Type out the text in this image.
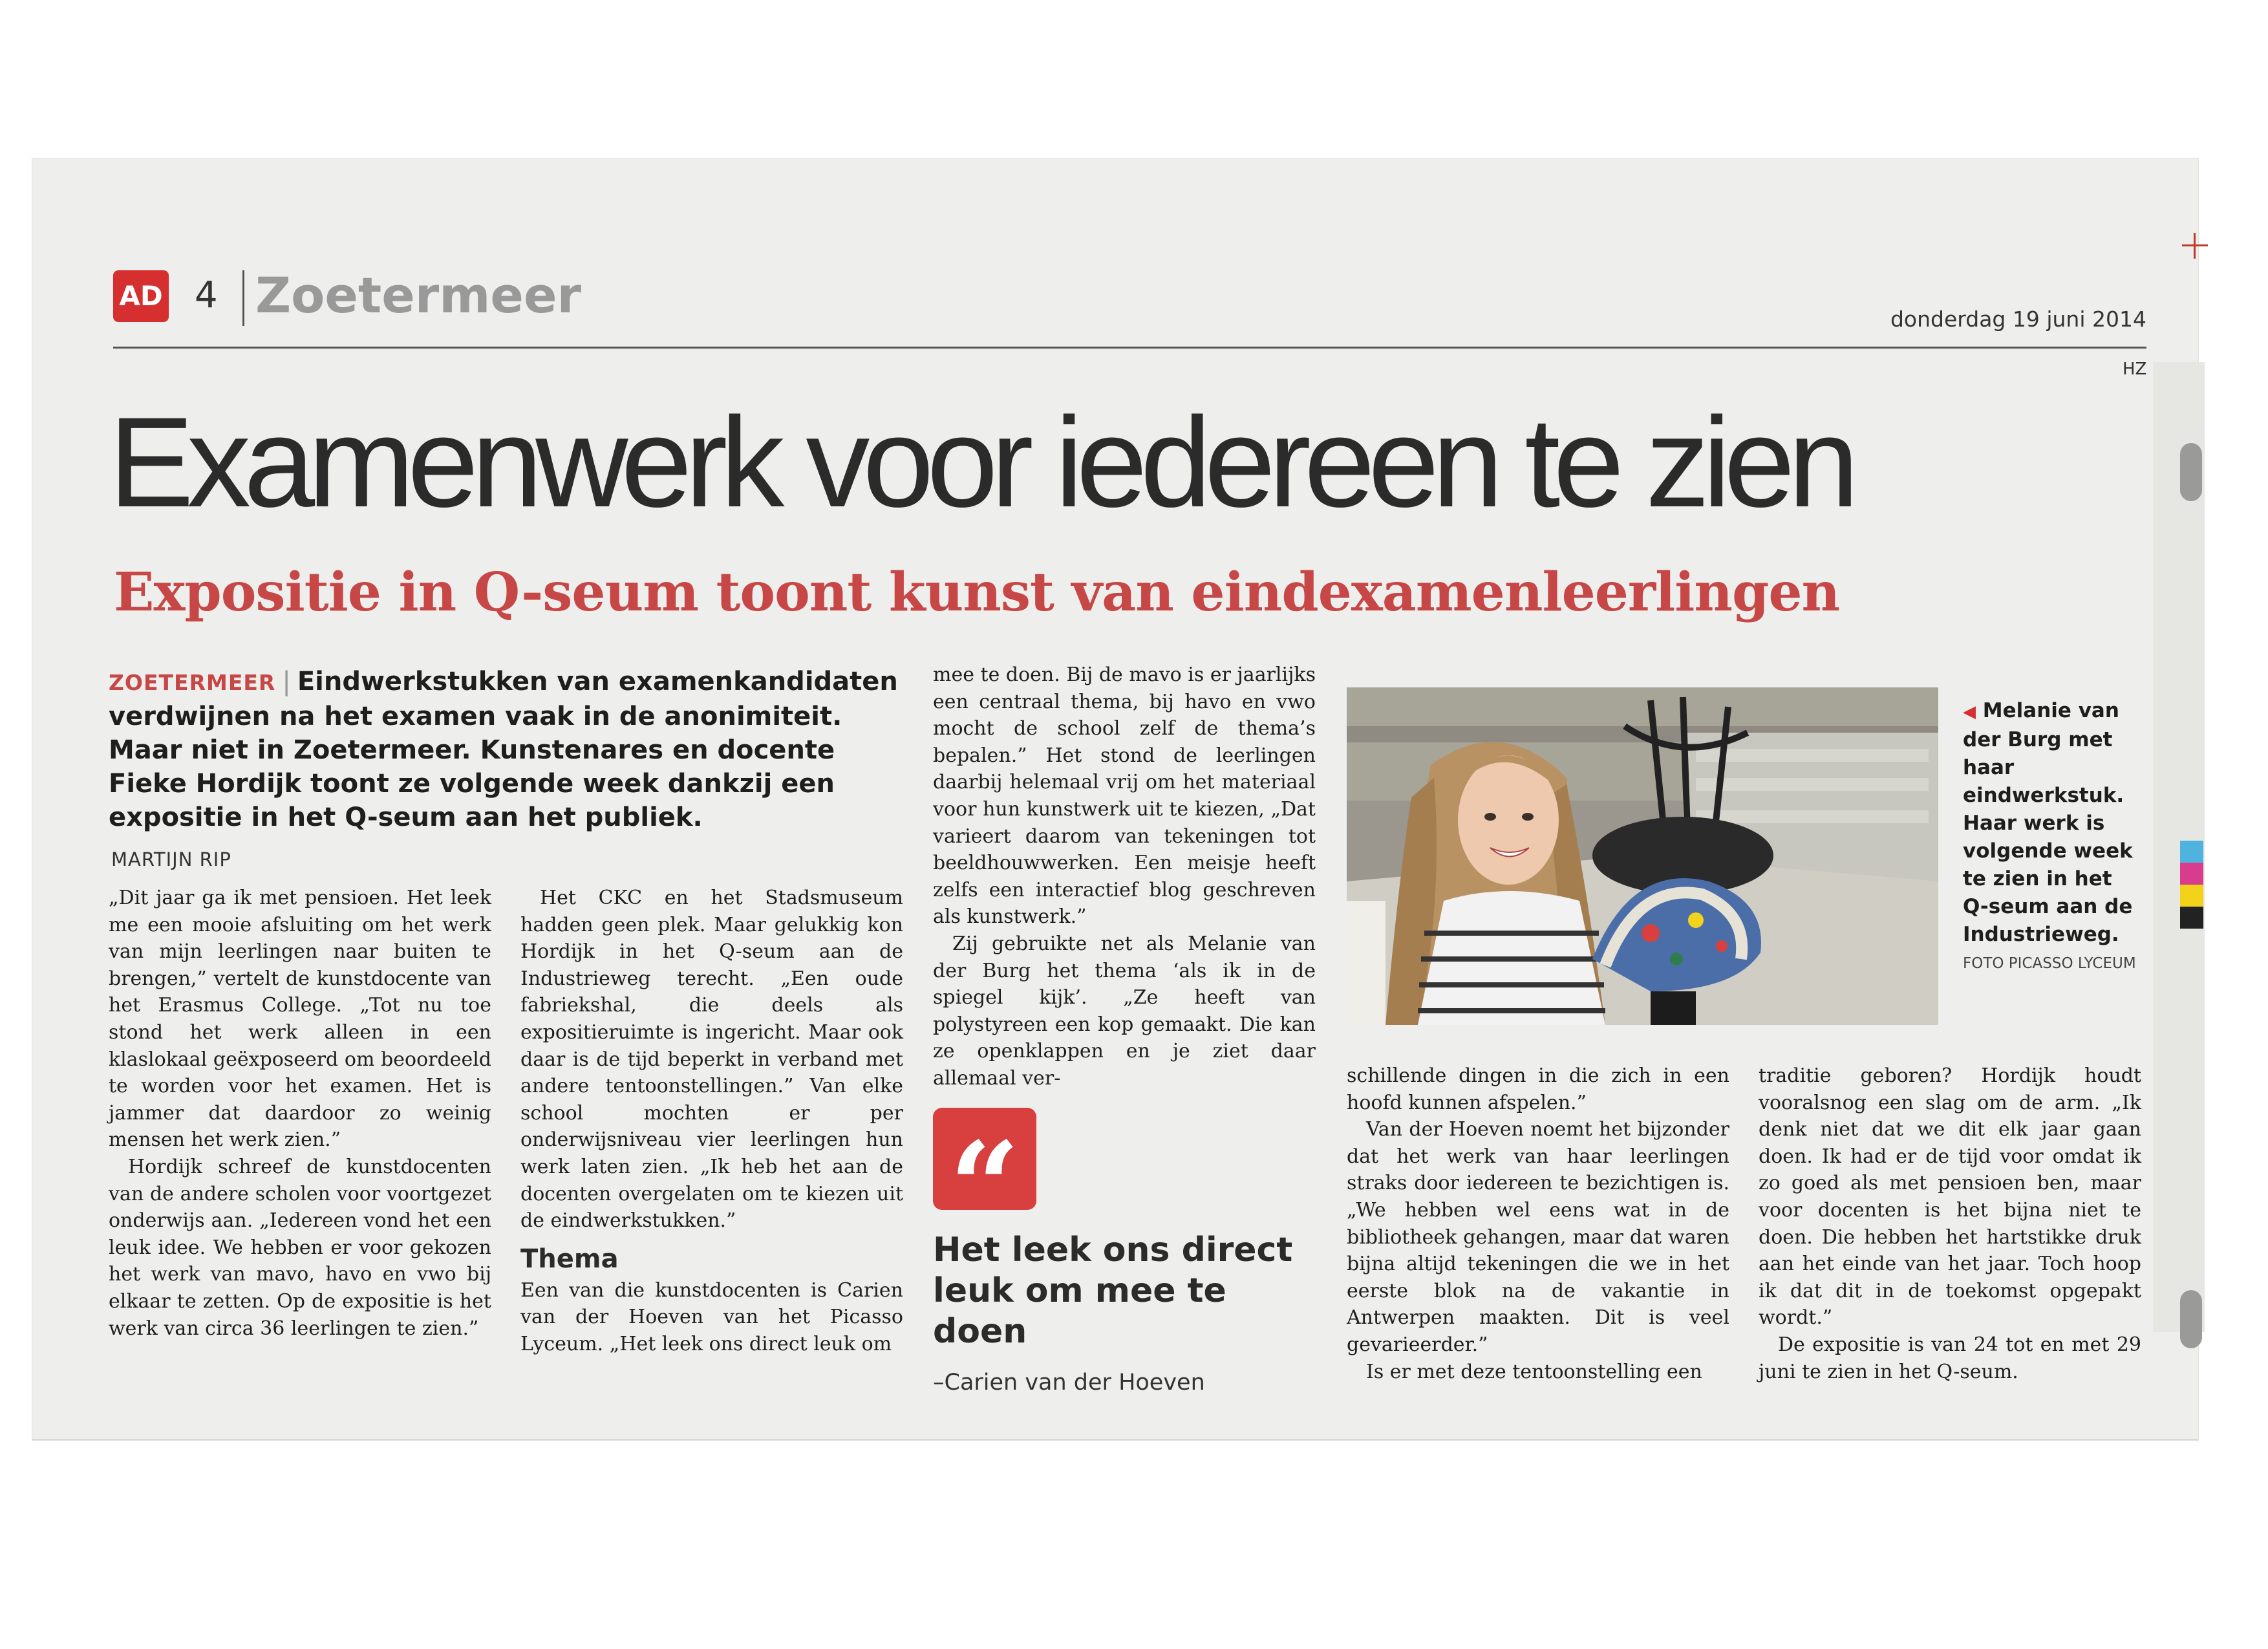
AD 4 Zoetermeer	donderdag 19 juni 2014
HZ
Examenwerk voor iedereen te zien
Expositie in Q-seum toont kunst van eindexamenleerlingen
ZOETERMEER | Eindwerkstukken van examenkandidaten verdwijnen na het examen vaak in de anonimiteit. Maar niet in Zoetermeer. Kunstenares en docente Fieke Hordijk toont ze volgende week dankzij een expositie in het Q-seum aan het publiek.
MARTIJN RIP

„Dit jaar ga ik met pensioen. Het leek me een mooie afsluiting om het werk van mijn leerlingen naar buiten te brengen,” vertelt de kunstdocente van het Erasmus College. „Tot nu toe stond het werk alleen in een klaslokaal geëxposeerd om beoordeeld te worden voor het examen. Het is jammer dat daardoor zo weinig mensen het werk zien.”

Hordijk schreef de kunstdocenten van de andere scholen voor voortgezet onderwijs aan. „Iedereen vond het een leuk idee. We hebben er voor gekozen het werk van mavo, havo en vwo bij elkaar te zetten. Op de expositie is het werk van circa 36 leerlingen te zien.”

Het CKC en het Stadsmuseum hadden geen plek. Maar gelukkig kon Hordijk in het Q-seum aan de Industrieweg terecht. „Een oude fabriekshal, die deels als expositieruimte is ingericht. Maar ook daar is de tijd beperkt in verband met andere tentoonstellingen.” Van elke school mochten er per onderwijsniveau vier leerlingen hun werk laten zien. „Ik heb het aan de docenten overgelaten om te kiezen uit de eindwerkstukken.”

Thema

Een van die kunstdocenten is Carien van der Hoeven van het Picasso Lyceum. „Het leek ons direct leuk om

mee te doen. Bij de mavo is er jaarlijks een centraal thema, bij havo en vwo mocht de school zelf de thema’s bepalen.” Het stond de leerlingen daarbij helemaal vrij om het materiaal voor hun kunstwerk uit te kiezen, „Dat varieert daarom van tekeningen tot beeldhouwwerken. Een meisje heeft zelfs een interactief blog geschreven als kunstwerk.”

Zij gebruikte net als Melanie van der Burg het thema ‘als ik in de spiegel kijk’. „Ze heeft van polystyreen een kop gemaakt. Die kan ze openklappen en je ziet daar allemaal ver-

“
Het leek ons direct leuk om mee te doen
–Carien van der Hoeven
◀ Melanie van der Burg met haar eindwerkstuk. Haar werk is volgende week te zien in het Q-seum aan de Industrieweg.
FOTO PICASSO LYCEUM

schillende dingen in die zich in een hoofd kunnen afspelen.”

Van der Hoeven noemt het bijzonder dat het werk van haar leerlingen straks door iedereen te bezichtigen is. „We hebben wel eens wat in de bibliotheek gehangen, maar dat waren bijna altijd tekeningen die we in het eerste blok na de vakantie in Antwerpen maakten. Dit is veel gevarieerder.”

Is er met deze tentoonstelling een

traditie geboren? Hordijk houdt vooralsnog een slag om de arm. „Ik denk niet dat we dit elk jaar gaan doen. Ik had er de tijd voor omdat ik zo goed als met pensioen ben, maar voor docenten is het bijna niet te doen. Die hebben het hartstikke druk aan het einde van het jaar. Toch hoop ik dat dit in de toekomst opgepakt wordt.”

De expositie is van 24 tot en met 29 juni te zien in het Q-seum.
